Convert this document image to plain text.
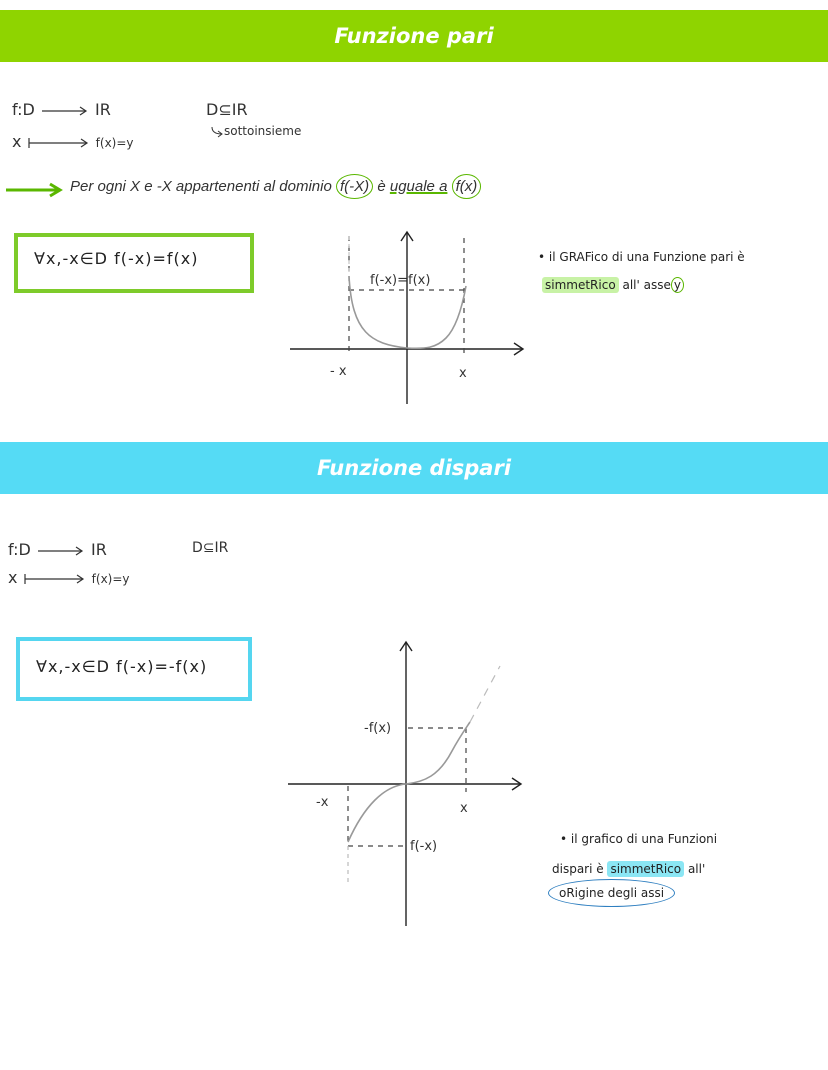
Funzione pari
f:D	IR
x	f(x)=y
D⊆IR
sottoinsieme
Per ogni X e -X appartenenti al dominio f(-X) è uguale a f(x)
∀x,-x∈D f(-x)=f(x)
f(-x)=f(x)
- x	x
• il GRAFico di una Funzione pari è
simmetRico all' asse y
Funzione dispari
f:D	IR
x	f(x)=y
D⊆IR
∀x,-x∈D f(-x)=-f(x)
-f(x)
f(-x)
-x	x
• il grafico di una Funzioni
dispari è simmetRico all'
oRigine degli assi
